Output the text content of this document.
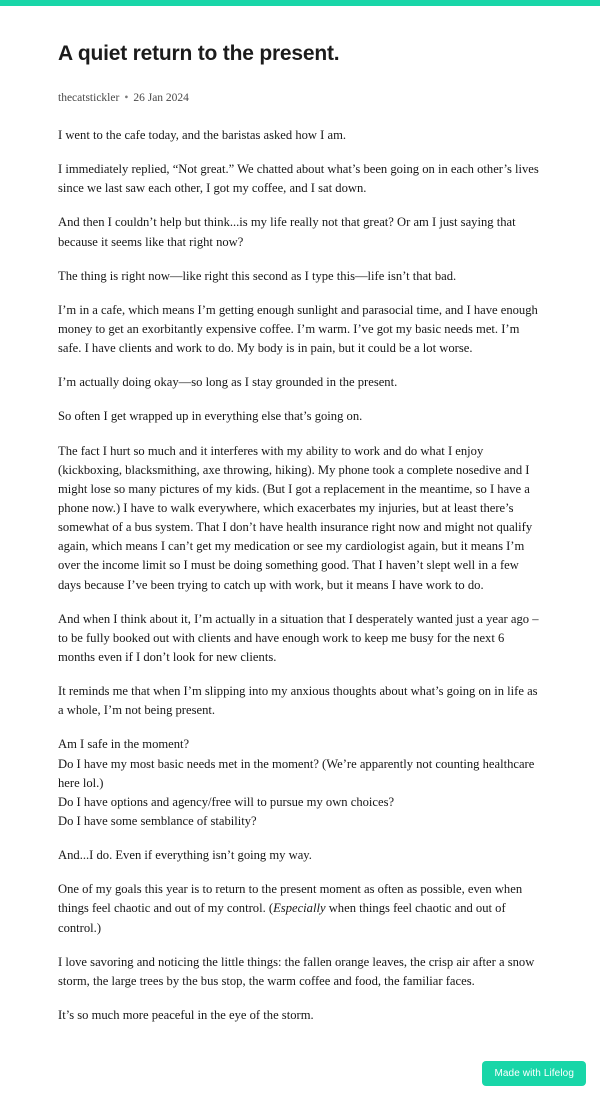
A quiet return to the present.
thecatstickler • 26 Jan 2024

I went to the cafe today, and the baristas asked how I am.

I immediately replied, “Not great.” We chatted about what’s been going on in each other’s lives since we last saw each other, I got my coffee, and I sat down.

And then I couldn’t help but think...is my life really not that great? Or am I just saying that because it seems like that right now?

The thing is right now—like right this second as I type this—life isn’t that bad.

I’m in a cafe, which means I’m getting enough sunlight and parasocial time, and I have enough money to get an exorbitantly expensive coffee. I’m warm. I’ve got my basic needs met. I’m safe. I have clients and work to do. My body is in pain, but it could be a lot worse.

I’m actually doing okay—so long as I stay grounded in the present.

So often I get wrapped up in everything else that’s going on.

The fact I hurt so much and it interferes with my ability to work and do what I enjoy (kickboxing, blacksmithing, axe throwing, hiking). My phone took a complete nosedive and I might lose so many pictures of my kids. (But I got a replacement in the meantime, so I have a phone now.) I have to walk everywhere, which exacerbates my injuries, but at least there’s somewhat of a bus system. That I don’t have health insurance right now and might not qualify again, which means I can’t get my medication or see my cardiologist again, but it means I’m over the income limit so I must be doing something good. That I haven’t slept well in a few days because I’ve been trying to catch up with work, but it means I have work to do.

And when I think about it, I’m actually in a situation that I desperately wanted just a year ago – to be fully booked out with clients and have enough work to keep me busy for the next 6 months even if I don’t look for new clients.

It reminds me that when I’m slipping into my anxious thoughts about what’s going on in life as a whole, I’m not being present.

Am I safe in the moment?
Do I have my most basic needs met in the moment? (We’re apparently not counting healthcare here lol.)
Do I have options and agency/free will to pursue my own choices?
Do I have some semblance of stability?

And...I do. Even if everything isn’t going my way.

One of my goals this year is to return to the present moment as often as possible, even when things feel chaotic and out of my control. (Especially when things feel chaotic and out of control.)

I love savoring and noticing the little things: the fallen orange leaves, the crisp air after a snow storm, the large trees by the bus stop, the warm coffee and food, the familiar faces.

It’s so much more peaceful in the eye of the storm.

Made with Lifelog
